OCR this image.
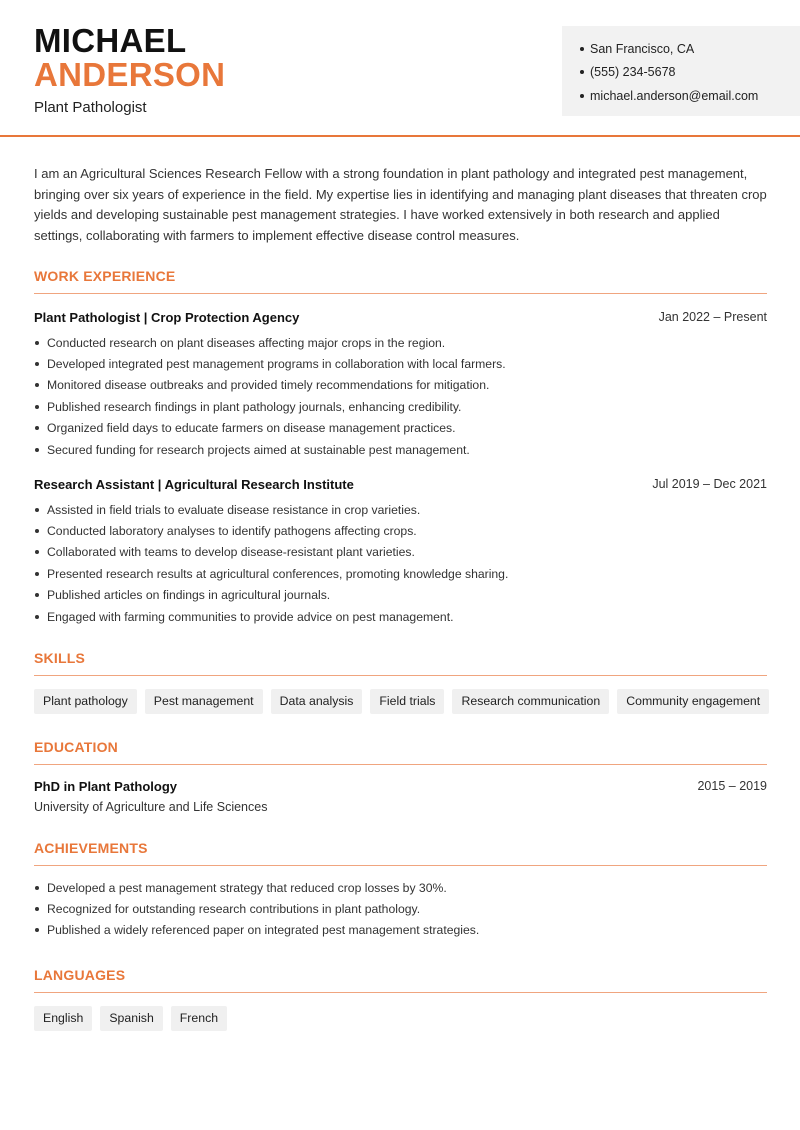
MICHAEL
ANDERSON
Plant Pathologist
San Francisco, CA
(555) 234-5678
michael.anderson@email.com
I am an Agricultural Sciences Research Fellow with a strong foundation in plant pathology and integrated pest management, bringing over six years of experience in the field. My expertise lies in identifying and managing plant diseases that threaten crop yields and developing sustainable pest management strategies. I have worked extensively in both research and applied settings, collaborating with farmers to implement effective disease control measures.
WORK EXPERIENCE
Plant Pathologist | Crop Protection Agency	Jan 2022 – Present
Conducted research on plant diseases affecting major crops in the region.
Developed integrated pest management programs in collaboration with local farmers.
Monitored disease outbreaks and provided timely recommendations for mitigation.
Published research findings in plant pathology journals, enhancing credibility.
Organized field days to educate farmers on disease management practices.
Secured funding for research projects aimed at sustainable pest management.
Research Assistant | Agricultural Research Institute	Jul 2019 – Dec 2021
Assisted in field trials to evaluate disease resistance in crop varieties.
Conducted laboratory analyses to identify pathogens affecting crops.
Collaborated with teams to develop disease-resistant plant varieties.
Presented research results at agricultural conferences, promoting knowledge sharing.
Published articles on findings in agricultural journals.
Engaged with farming communities to provide advice on pest management.
SKILLS
Plant pathology	Pest management	Data analysis	Field trials	Research communication	Community engagement
EDUCATION
PhD in Plant Pathology	2015 – 2019
University of Agriculture and Life Sciences
ACHIEVEMENTS
Developed a pest management strategy that reduced crop losses by 30%.
Recognized for outstanding research contributions in plant pathology.
Published a widely referenced paper on integrated pest management strategies.
LANGUAGES
English	Spanish	French
